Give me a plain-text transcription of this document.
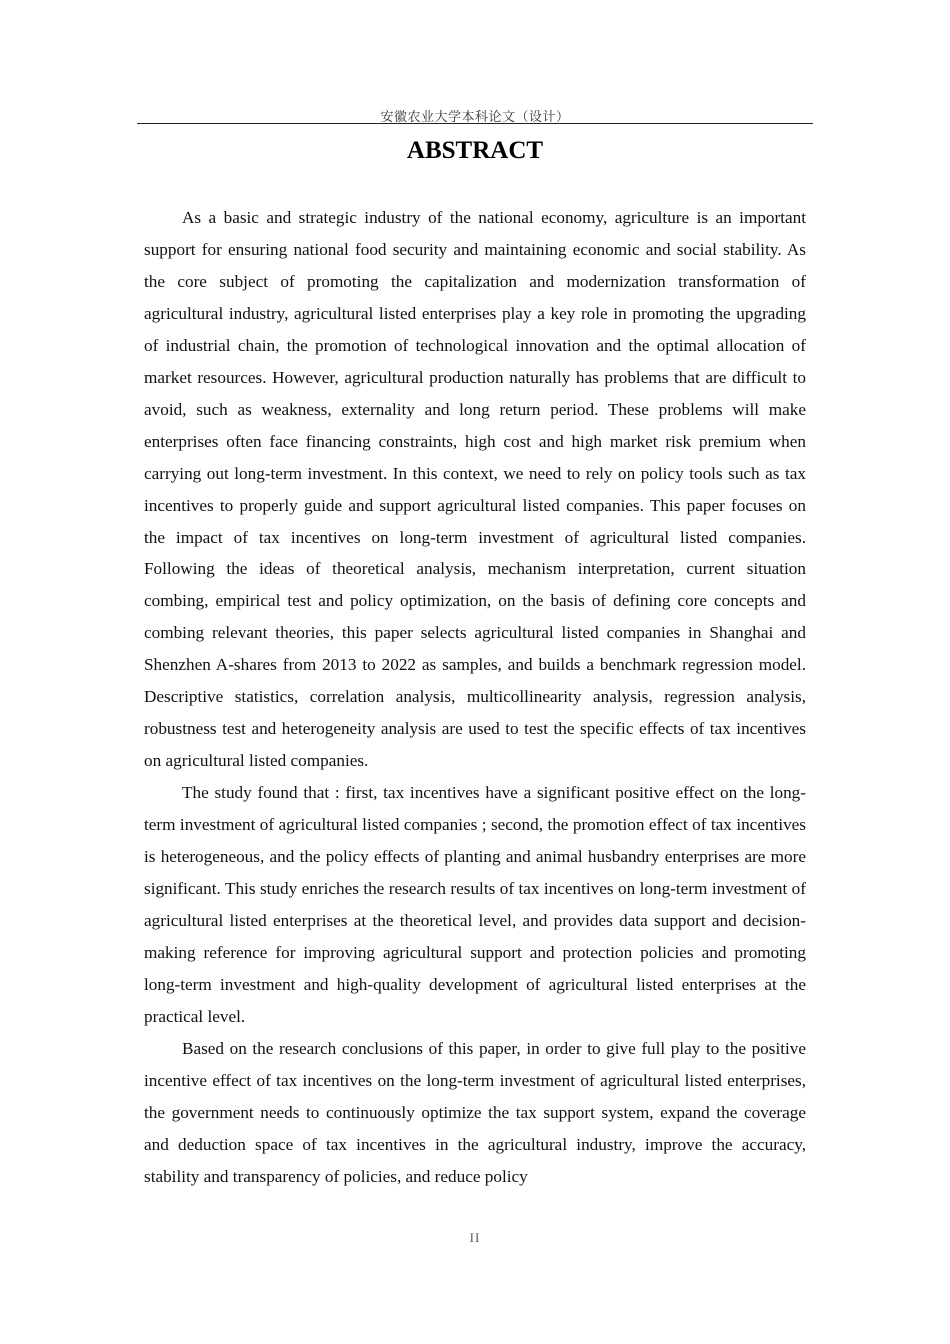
安徽农业大学本科论文（设计）
ABSTRACT

As a basic and strategic industry of the national economy, agriculture is an important support for ensuring national food security and maintaining economic and social stability. As the core subject of promoting the capitalization and modernization transformation of agricultural industry, agricultural listed enterprises play a key role in promoting the upgrading of industrial chain, the promotion of technological innovation and the optimal allocation of market resources. However, agricultural production naturally has problems that are difficult to avoid, such as weakness, externality and long return period. These problems will make enterprises often face financing constraints, high cost and high market risk premium when carrying out long-term investment. In this context, we need to rely on policy tools such as tax incentives to properly guide and support agricultural listed companies. This paper focuses on the impact of tax incentives on long-term investment of agricultural listed companies. Following the ideas of theoretical analysis, mechanism interpretation, current situation combing, empirical test and policy optimization, on the basis of defining core concepts and combing relevant theories, this paper selects agricultural listed companies in Shanghai and Shenzhen A-shares from 2013 to 2022 as samples, and builds a benchmark regression model. Descriptive statistics, correlation analysis, multicollinearity analysis, regression analysis, robustness test and heterogeneity analysis are used to test the specific effects of tax incentives on agricultural listed companies.

The study found that : first, tax incentives have a significant positive effect on the long-term investment of agricultural listed companies ; second, the promotion effect of tax incentives is heterogeneous, and the policy effects of planting and animal husbandry enterprises are more significant. This study enriches the research results of tax incentives on long-term investment of agricultural listed enterprises at the theoretical level, and provides data support and decision-making reference for improving agricultural support and protection policies and promoting long-term investment and high-quality development of agricultural listed enterprises at the practical level.

Based on the research conclusions of this paper, in order to give full play to the positive incentive effect of tax incentives on the long-term investment of agricultural listed enterprises, the government needs to continuously optimize the tax support system, expand the coverage and deduction space of tax incentives in the agricultural industry, improve the accuracy, stability and transparency of policies, and reduce policy

II
